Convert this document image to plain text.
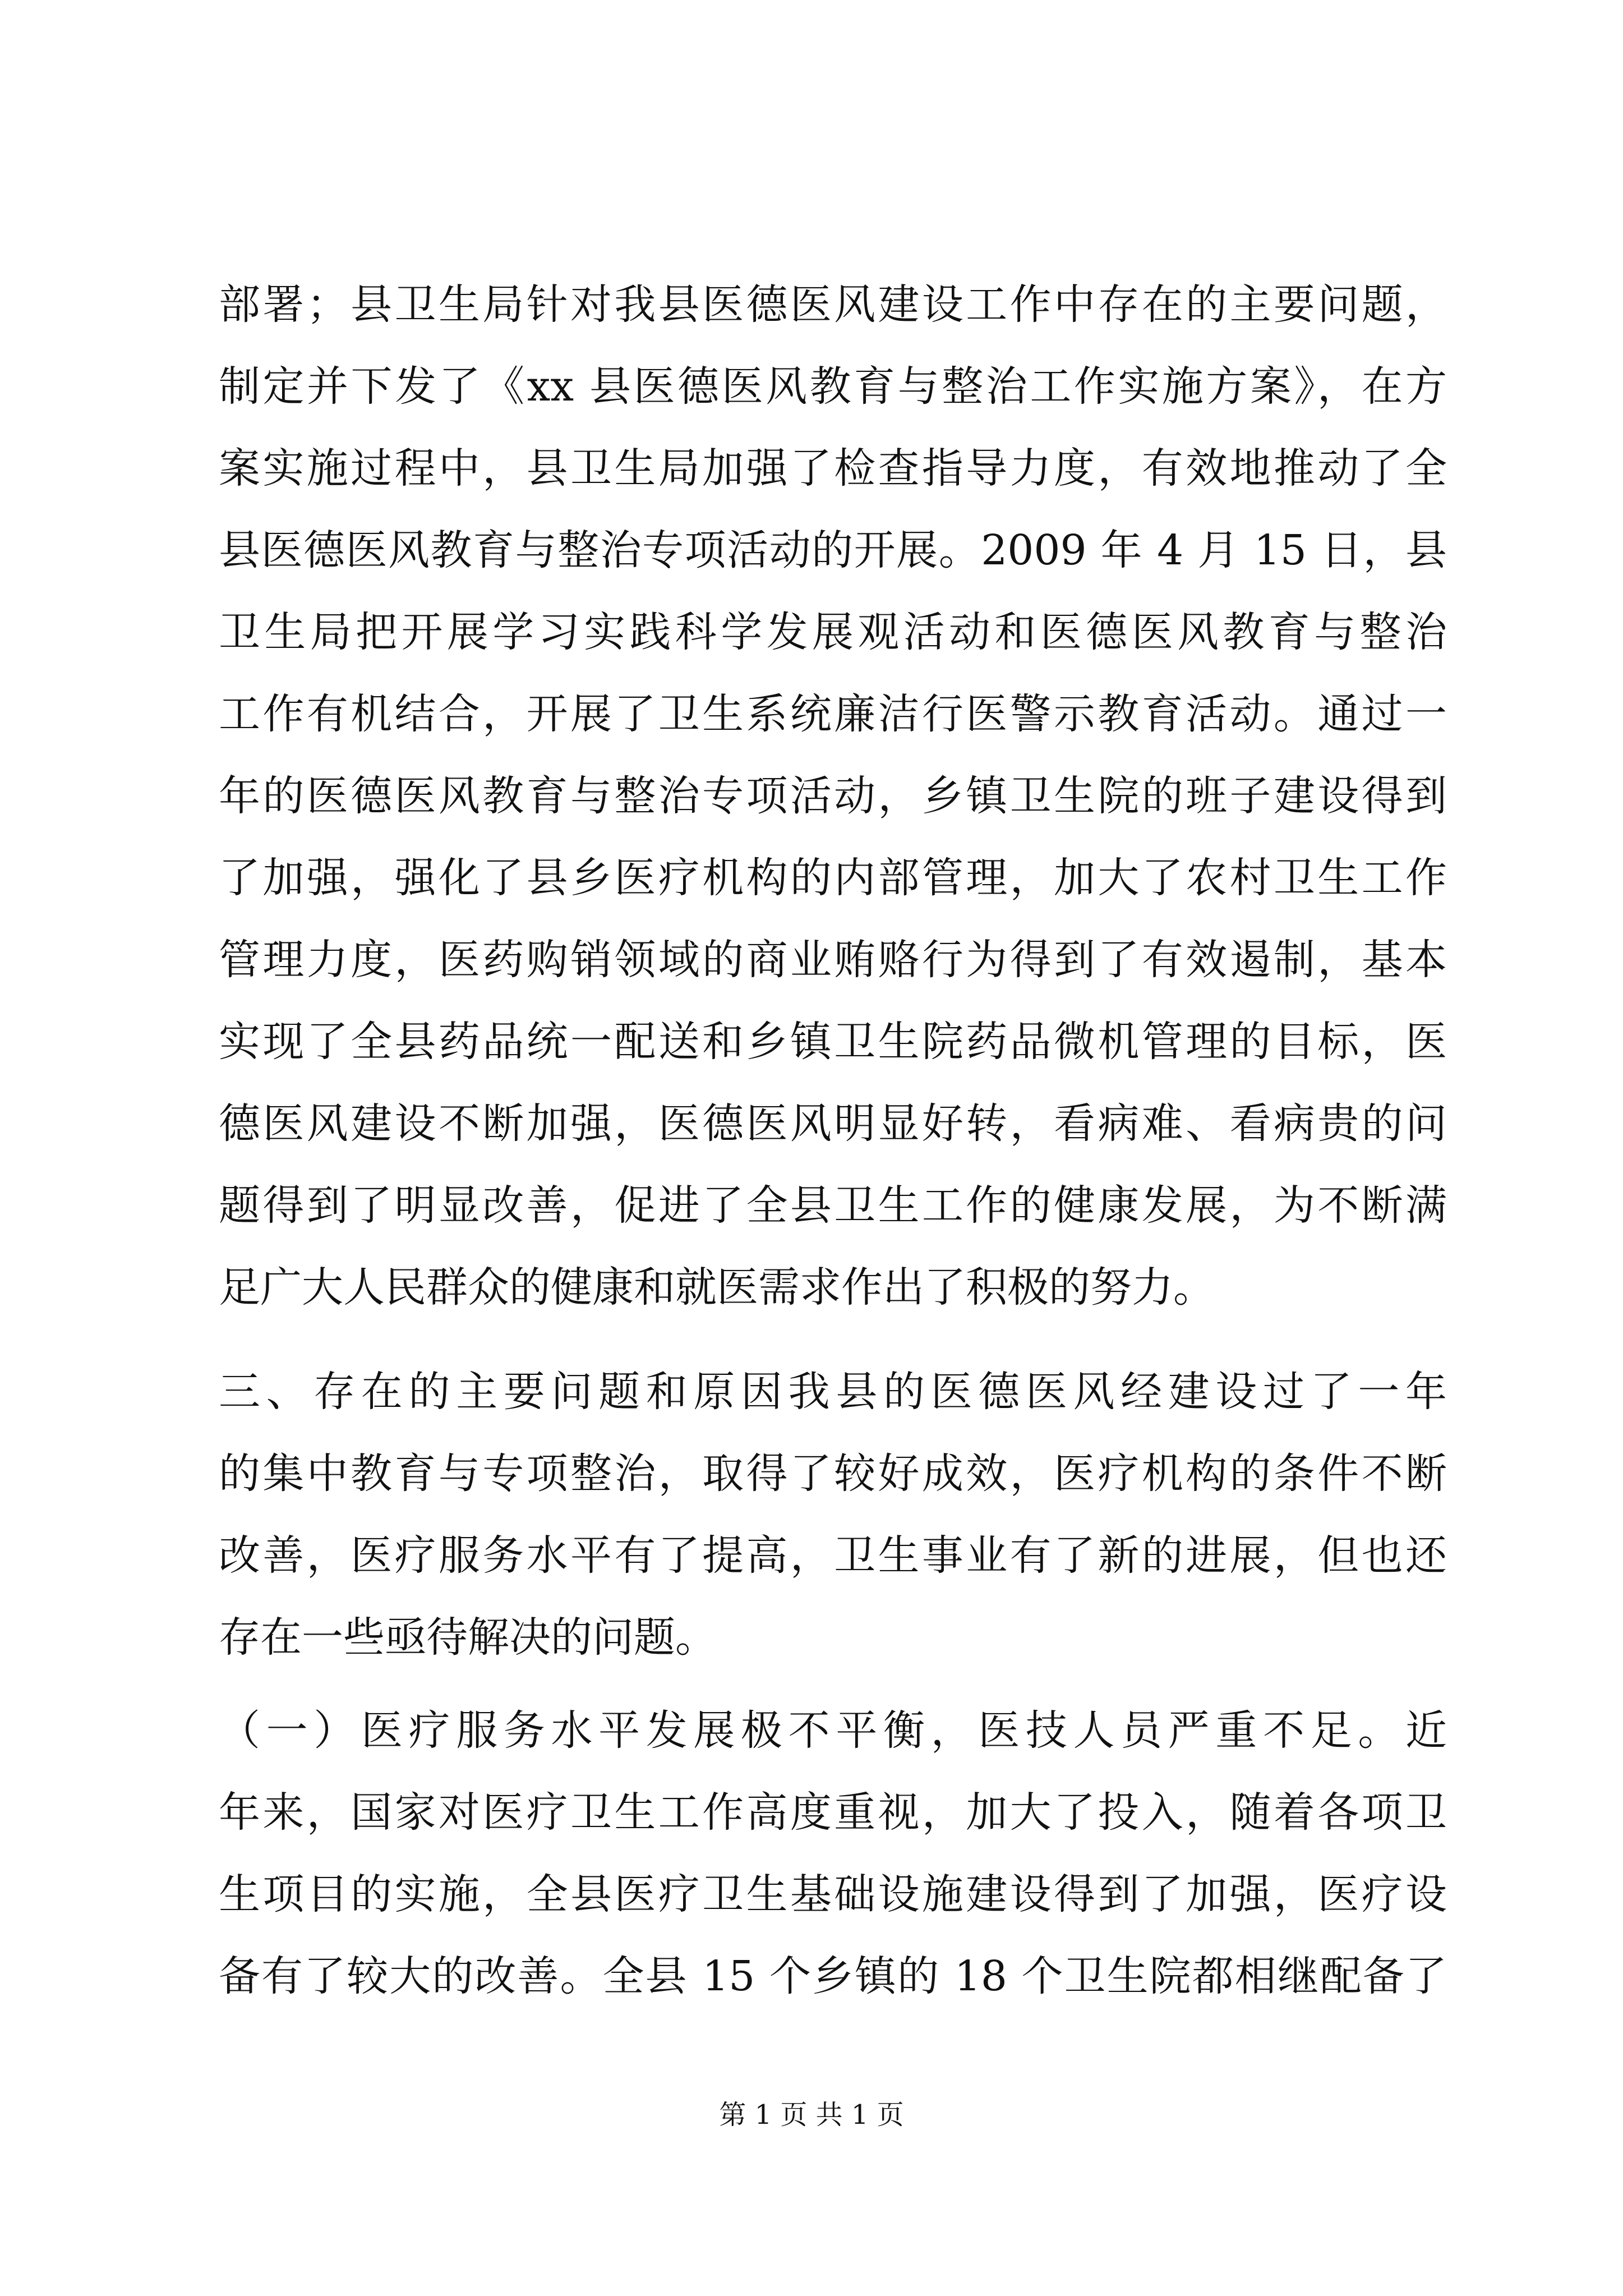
部署；县卫生局针对我县医德医风建设工作中存在的主要问题，
制定并下发了《xx 县医德医风教育与整治工作实施方案》，在方
案实施过程中，县卫生局加强了检查指导力度，有效地推动了全
县医德医风教育与整治专项活动的开展。2009 年 4 月 15 日，县
卫生局把开展学习实践科学发展观活动和医德医风教育与整治
工作有机结合，开展了卫生系统廉洁行医警示教育活动。通过一
年的医德医风教育与整治专项活动，乡镇卫生院的班子建设得到
了加强，强化了县乡医疗机构的内部管理，加大了农村卫生工作
管理力度，医药购销领域的商业贿赂行为得到了有效遏制，基本
实现了全县药品统一配送和乡镇卫生院药品微机管理的目标，医
德医风建设不断加强，医德医风明显好转，看病难、看病贵的问
题得到了明显改善，促进了全县卫生工作的健康发展，为不断满
足广大人民群众的健康和就医需求作出了积极的努力。
三、存在的主要问题和原因我县的医德医风经建设过了一年
的集中教育与专项整治，取得了较好成效，医疗机构的条件不断
改善，医疗服务水平有了提高，卫生事业有了新的进展，但也还
存在一些亟待解决的问题。
（一）医疗服务水平发展极不平衡，医技人员严重不足。近
年来，国家对医疗卫生工作高度重视，加大了投入，随着各项卫
生项目的实施，全县医疗卫生基础设施建设得到了加强，医疗设
备有了较大的改善。全县 15 个乡镇的 18 个卫生院都相继配备了
第 1 页 共 1 页
